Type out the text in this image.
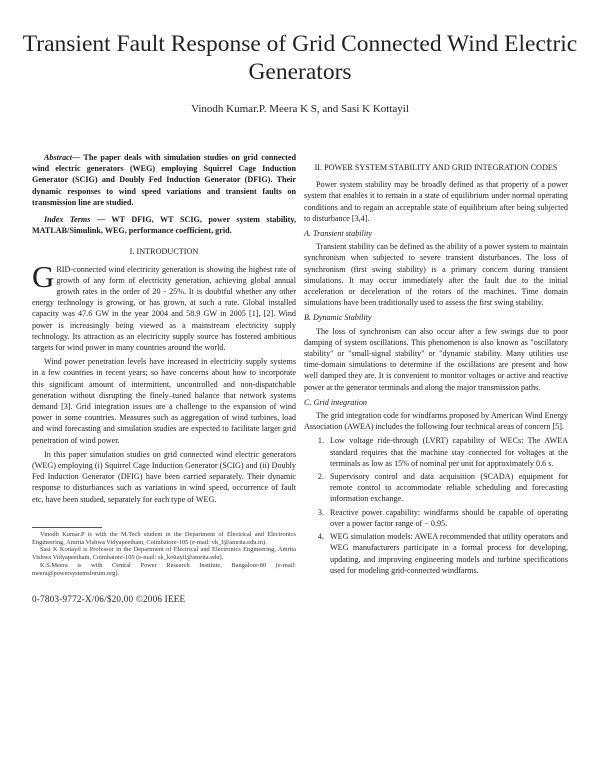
Transient Fault Response of Grid Connected Wind Electric Generators
Vinodh Kumar.P. Meera K S, and Sasi K Kottayil

Abstract— The paper deals with simulation studies on grid connected wind electric generators (WEG) employing Squirrel Cage Induction Generator (SCIG) and Doubly Fed Induction Generator (DFIG). Their dynamic responses to wind speed variations and transient faults on transmission line are studied.

Index Terms — WT DFIG, WT SCIG, power system stability, MATLAB/Simulink, WEG, performance coefficient, grid.

I. INTRODUCTION

GRID-connected wind electricity generation is showing the highest rate of growth of any form of electricity generation, achieving global annual growth rates in the order of 20 - 25%. It is doubtful whether any other energy technology is growing, or has grown, at such a rate. Global installed capacity was 47.6 GW in the year 2004 and 58.9 GW in 2005 [1], [2]. Wind power is increasingly being viewed as a mainstream electricity supply technology. Its attraction as an electricity supply source has fostered ambitious targets for wind power in many countries around the world.

Wind power penetration levels have increased in electricity supply systems in a few countries in recent years; so have concerns about how to incorporate this significant amount of intermittent, uncontrolled and non-dispatchable generation without disrupting the finely–tuned balance that network systems demand [3]. Grid integration issues are a challenge to the expansion of wind power in some countries. Measures such as aggregation of wind turbines, load and wind forecasting and simulation studies are expected to facilitate larger grid penetration of wind power.

In this paper simulation studies on grid connected wind electric generators (WEG) employing (i) Squirrel Cage Induction Generator (SCIG) and (ii) Doubly Fed Induction Generator (DFIG) have been carried separately. Their dynamic response to disturbances such as variations in wind speed, occurrence of fault etc. have been studied, separately for each type of WEG.

Vinodh Kumar.P is with the M.Tech student in the Department of Electrical and Electronics Engineering, Amrita Vishwa Vidyapeetham, Coimbatore-105 (e-mail: vk_f@amrita.edu.in).

Sasi K Kottayil is Professor in the Department of Electrical and Electronics Engineering, Amrita Vishwa Vidyapeetham, Coimbatore-105 (e-mail: sk_kottayil@amrita.edu).

K.S.Meera is with Central Power Research Institute, Bangalore-80 (e-mail: meera@powersystemsforum.org).

0-7803-9772-X/06/$20.00 ©2006 IEEE
II. POWER SYSTEM STABILITY AND GRID INTEGRATION CODES

Power system stability may be broadly defined as that property of a power system that enables it to remain in a state of equilibrium under normal operating conditions and to regain an acceptable state of equilibrium after being subjected to disturbance [3,4].

A. Transient stability

Transient stability can be defined as the ability of a power system to maintain synchronism when subjected to severe transient disturbances. The loss of synchronism (first swing stability) is a primary concern during transient simulations. It may occur immediately after the fault due to the initial acceleration or deceleration of the rotors of the machines. Time domain simulations have been traditionally used to assess the first swing stability.

B. Dynamic Stability

The loss of synchronism can also occur after a few swings due to poor damping of system oscillations. This phenomenon is also known as "oscillatory stability" or "small-signal stability" or "dynamic stability. Many utilities use time-domain simulations to determine if the oscillations are present and how well damped they are. It is convenient to monitor voltages or active and reactive power at the generator terminals and along the major transmission paths.

C. Grid integration

The grid integration code for windfarms proposed by American Wind Energy Association (AWEA) includes the following four technical areas of concern [5].

1. Low voltage ride-through (LVRT) capability of WECs: The AWEA standard requires that the machine stay connected for voltages at the terminals as low as 15% of nominal per unit for approximately 0.6 s.
2. Supervisory control and data acquisition (SCADA) equipment for remote control to accommodate reliable scheduling and forecasting information exchange.
3. Reactive power capability: windfarms should be capable of operating over a power factor range of − 0.95.
4. WEG simulation models: AWEA recommended that utility operators and WEG manufacturers participate in a formal process for developing, updating, and improving engineering models and turbine specifications used for modeling grid-connected windfarms.
